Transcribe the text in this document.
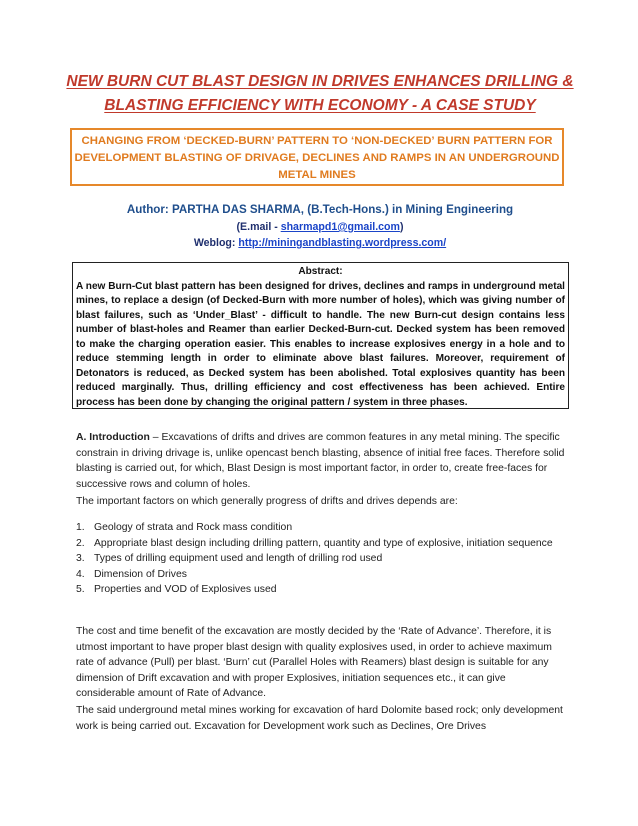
NEW BURN CUT BLAST DESIGN IN DRIVES ENHANCES DRILLING & BLASTING EFFICIENCY WITH ECONOMY - A CASE STUDY
CHANGING FROM ‘DECKED-BURN’ PATTERN TO ‘NON-DECKED’ BURN PATTERN FOR DEVELOPMENT BLASTING OF DRIVAGE, DECLINES AND RAMPS IN AN UNDERGROUND METAL MINES
Author: PARTHA DAS SHARMA, (B.Tech-Hons.) in Mining Engineering
(E.mail - sharmapd1@gmail.com)
Weblog: http://miningandblasting.wordpress.com/
Abstract:
A new Burn-Cut blast pattern has been designed for drives, declines and ramps in underground metal mines, to replace a design (of Decked-Burn with more number of holes), which was giving number of blast failures, such as ‘Under_Blast’ - difficult to handle. The new Burn-cut design contains less number of blast-holes and Reamer than earlier Decked-Burn-cut. Decked system has been removed to make the charging operation easier. This enables to increase explosives energy in a hole and to reduce stemming length in order to eliminate above blast failures. Moreover, requirement of Detonators is reduced, as Decked system has been abolished. Total explosives quantity has been reduced marginally. Thus, drilling efficiency and cost effectiveness has been achieved. Entire process has been done by changing the original pattern / system in three phases.
A. Introduction – Excavations of drifts and drives are common features in any metal mining. The specific constrain in driving drivage is, unlike opencast bench blasting, absence of initial free faces. Therefore solid blasting is carried out, for which, Blast Design is most important factor, in order to, create free-faces for successive rows and column of holes.
The important factors on which generally progress of drifts and drives depends are:
1. Geology of strata and Rock mass condition
2. Appropriate blast design including drilling pattern, quantity and type of explosive, initiation sequence
3. Types of drilling equipment used and length of drilling rod used
4. Dimension of Drives
5. Properties and VOD of Explosives used
The cost and time benefit of the excavation are mostly decided by the ‘Rate of Advance’. Therefore, it is utmost important to have proper blast design with quality explosives used, in order to achieve maximum rate of advance (Pull) per blast. ‘Burn’ cut (Parallel Holes with Reamers) blast design is suitable for any dimension of Drift excavation and with proper Explosives, initiation sequences etc., it can give considerable amount of Rate of Advance.
The said underground metal mines working for excavation of hard Dolomite based rock; only development work is being carried out. Excavation for Development work such as Declines, Ore Drives
